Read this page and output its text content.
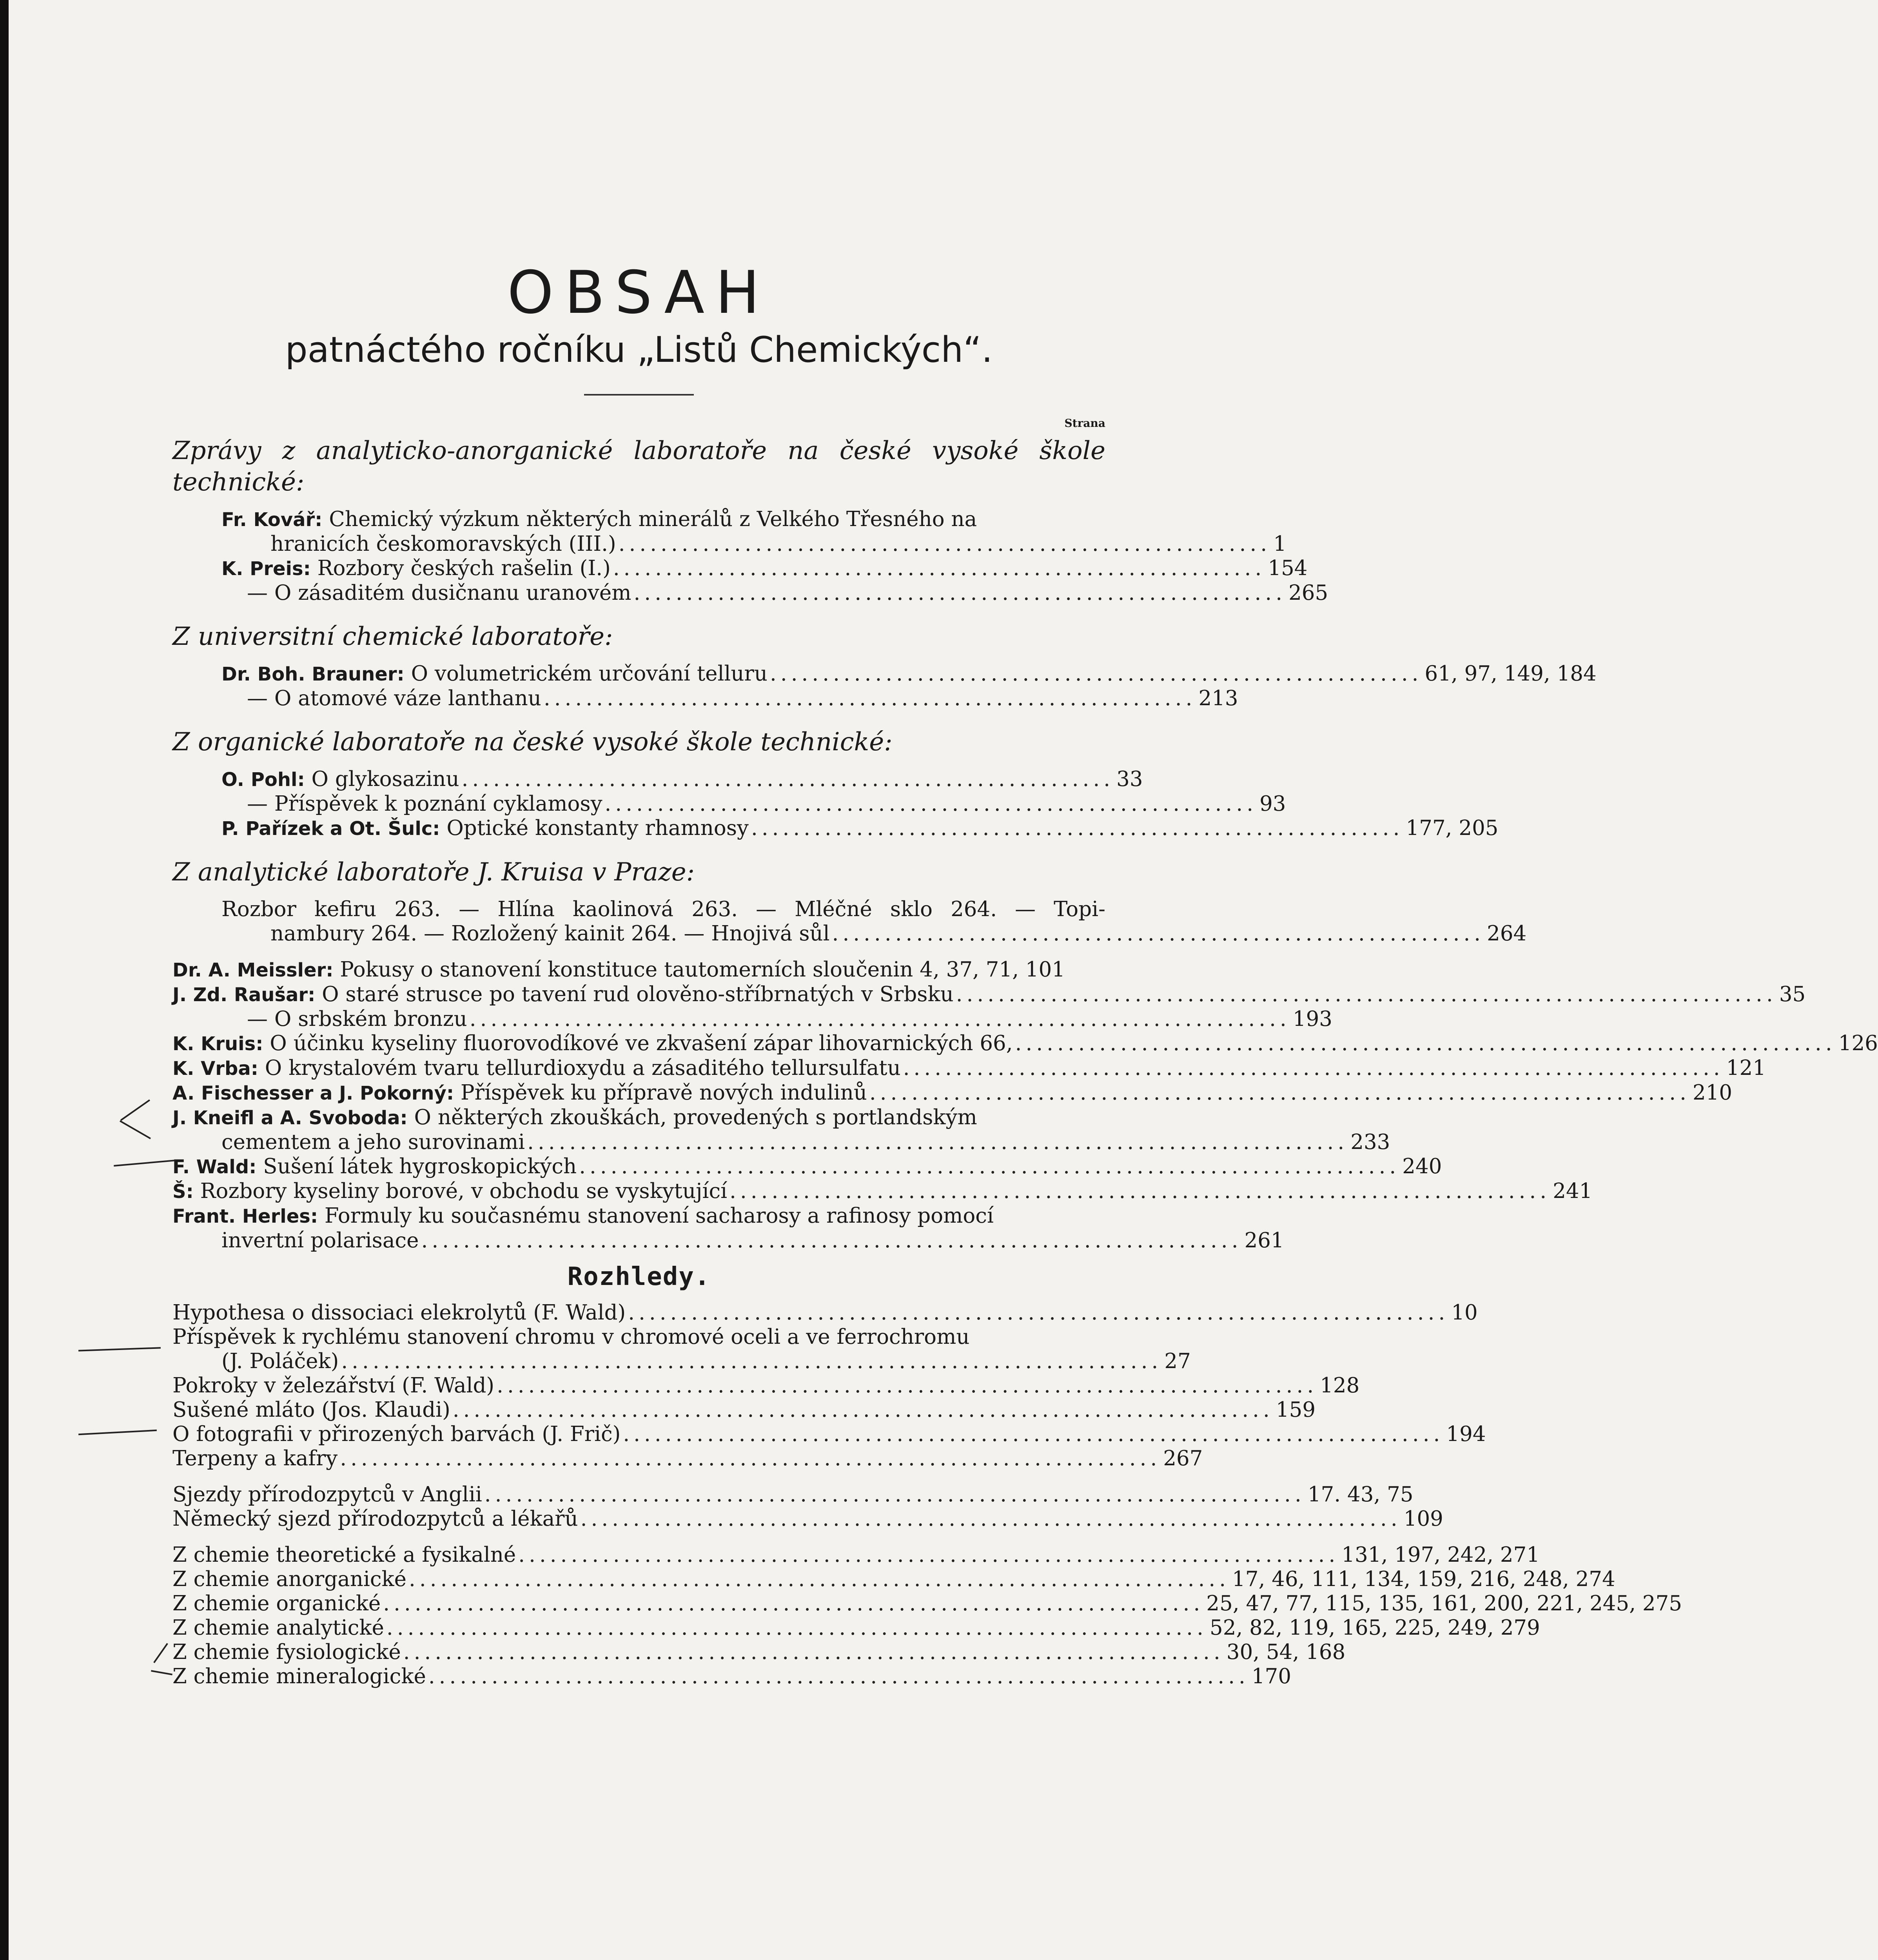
OBSAH
patnáctého ročníku „Listů Chemických“.
Strana
Zprávy z analyticko-anorganické laboratoře na české vysoké škole technické:
Fr. Kovář: Chemický výzkum některých minerálů z Velkého Třesného na
hranicích českomoravských (III.) .............................................................. 1
K. Preis: Rozbory českých rašelin (I.) .............................................................. 154
— O zásaditém dusičnanu uranovém .............................................................. 265
Z universitní chemické laboratoře:
Dr. Boh. Brauner: O volumetrickém určování telluru .............................................................. 61, 97, 149, 184
— O atomové váze lanthanu .............................................................. 213
Z organické laboratoře na české vysoké škole technické:
O. Pohl: O glykosazinu .............................................................. 33
— Příspěvek k poznání cyklamosy .............................................................. 93
P. Pařízek a Ot. Šulc: Optické konstanty rhamnosy .............................................................. 177, 205
Z analytické laboratoře J. Kruisa v Praze:
Rozbor kefiru 263. — Hlína kaolinová 263. — Mléčné sklo 264. — Topi-
nambury 264. — Rozložený kainit 264. — Hnojivá sůl .............................................................. 264
Dr. A. Meissler: Pokusy o stanovení konstituce tautomerních sloučenin 4, 37, 71, 101
J. Zd. Raušar: O staré strusce po tavení rud olověno-stříbrnatých v Srbsku .............................................................................. 35
— O srbském bronzu .............................................................................. 193
K. Kruis: O účinku kyseliny fluorovodíkové ve zkvašení zápar lihovarnických 66, .............................................................................. 126
K. Vrba: O krystalovém tvaru tellurdioxydu a zásaditého tellursulfatu .............................................................................. 121
A. Fischesser a J. Pokorný: Příspěvek ku přípravě nových indulinů .............................................................................. 210
J. Kneifl a A. Svoboda: O některých zkouškách, provedených s portlandským
cementem a jeho surovinami .............................................................................. 233
F. Wald: Sušení látek hygroskopických .............................................................................. 240
Š: Rozbory kyseliny borové, v obchodu se vyskytující .............................................................................. 241
Frant. Herles: Formuly ku současnému stanovení sacharosy a rafinosy pomocí
invertní polarisace .............................................................................. 261
Rozhledy.
Hypothesa o dissociaci elekrolytů (F. Wald) .............................................................................. 10
Příspěvek k rychlému stanovení chromu v chromové oceli a ve ferrochromu
(J. Poláček) .............................................................................. 27
Pokroky v železářství (F. Wald) .............................................................................. 128
Sušené mláto (Jos. Klaudi) .............................................................................. 159
O fotografii v přirozených barvách (J. Frič) .............................................................................. 194
Terpeny a kafry .............................................................................. 267
Sjezdy přírodozpytců v Anglii .............................................................................. 17. 43, 75
Německý sjezd přírodozpytců a lékařů .............................................................................. 109
Z chemie theoretické a fysikalné .............................................................................. 131, 197, 242, 271
Z chemie anorganické .............................................................................. 17, 46, 111, 134, 159, 216, 248, 274
Z chemie organické .............................................................................. 25, 47, 77, 115, 135, 161, 200, 221, 245, 275
Z chemie analytické .............................................................................. 52, 82, 119, 165, 225, 249, 279
Z chemie fysiologické .............................................................................. 30, 54, 168
Z chemie mineralogické .............................................................................. 170
